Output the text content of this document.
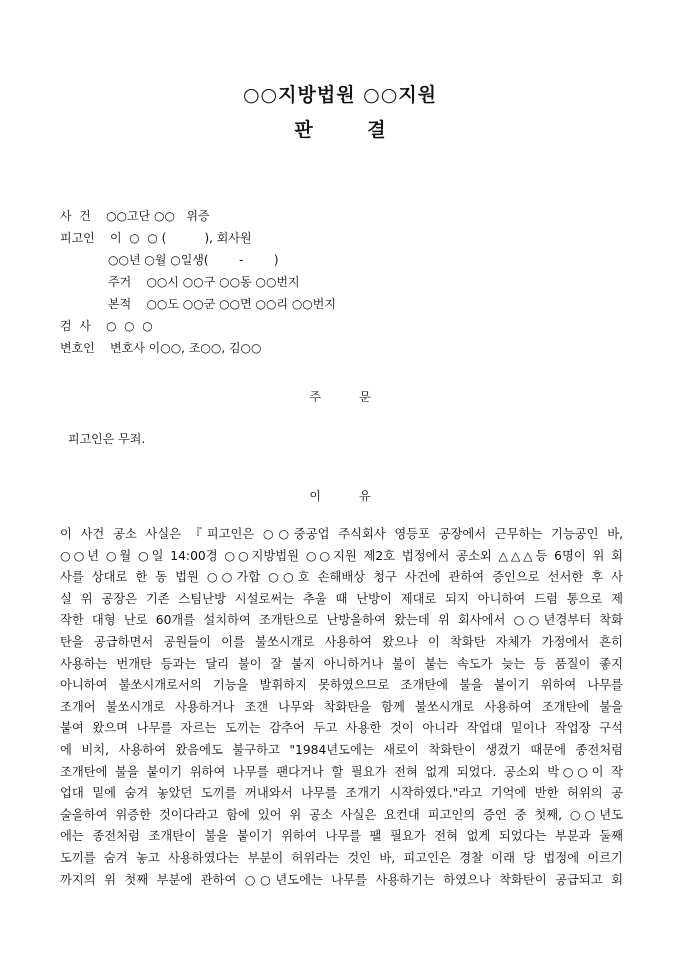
○○지방법원 ○○지원
판 결
사  건    ○○고단 ○○   위증
피고인    이  ○  ○ (          ), 회사원
○○년 ○월 ○일생(        -        )
주거    ○○시 ○○구 ○○동 ○○번지
본적    ○○도 ○○군 ○○면 ○○리 ○○번지
검  사    ○  ○  ○
변호인    변호사 이○○, 조○○, 김○○
주          문
피고인은 무죄.
이          유
이 사건 공소 사실은 『피고인은 ○○중공업 주식회사 영등포 공장에서 근무하는 기능공인 바,
○○년 ○월 ○일 14:00경 ○○지방법원 ○○지원 제2호 법정에서 공소외 △△△등 6명이 위 회
사를 상대로 한 동 법원 ○○가합 ○○호 손해배상 청구 사건에 관하여 증인으로 선서한 후 사
실 위 공장은 기존 스팀난방 시설로써는 추울 때 난방이 제대로 되지 아니하여 드럼 통으로 제
작한 대형 난로 60개를 설치하여 조개탄으로 난방을하여 왔는데 위 회사에서 ○○년경부터 착화
탄을 공급하면서 공원들이 이를 불쏘시개로 사용하여 왔으나 이 착화탄 자체가 가정에서 흔히
사용하는 번개탄 등과는 달리 불이 잘 붙지 아니하거나 불이 붙는 속도가 늦는 등 품질이 좋지
아니하여 불쏘시개로서의 기능을 발휘하지 못하였으므로 조개탄에 불을 붙이기 위하여 나무를
조개어 불쏘시개로 사용하거나 조갠 나무와 착화탄을 함께 불쏘시개로 사용하여 조개탄에 불을
붙여 왔으며 나무를 자르는 도끼는 감추어 두고 사용한 것이 아니라 작업대 밑이나 작업장 구석
에 비치, 사용하여 왔음에도 불구하고 "1984년도에는 새로이 착화탄이 생겼기 때문에 종전처럼
조개탄에 불을 붙이기 위하여 나무를 팬다거나 할 필요가 전혀 없게 되었다. 공소외 박○○이 작
업대 밑에 숨겨 놓았던 도끼를 꺼내와서 나무를 조개기 시작하였다."라고 기억에 반한 허위의 공
술을하여 위증한 것이다라고 함에 있어 위 공소 사실은 요컨대 피고인의 증언 중 첫째, ○○년도
에는 종전처럼 조개탄이 불을 붙이기 위하여 나무를 팰 필요가 전혀 없게 되었다는 부분과 둘째
도끼를 숨겨 놓고 사용하였다는 부분이 허위라는 것인 바, 피고인은 경찰 이래 당 법정에 이르기
까지의 위 첫째 부분에 관하여 ○○년도에는 나무를 사용하기는 하였으나 착화탄이 공급되고 회
